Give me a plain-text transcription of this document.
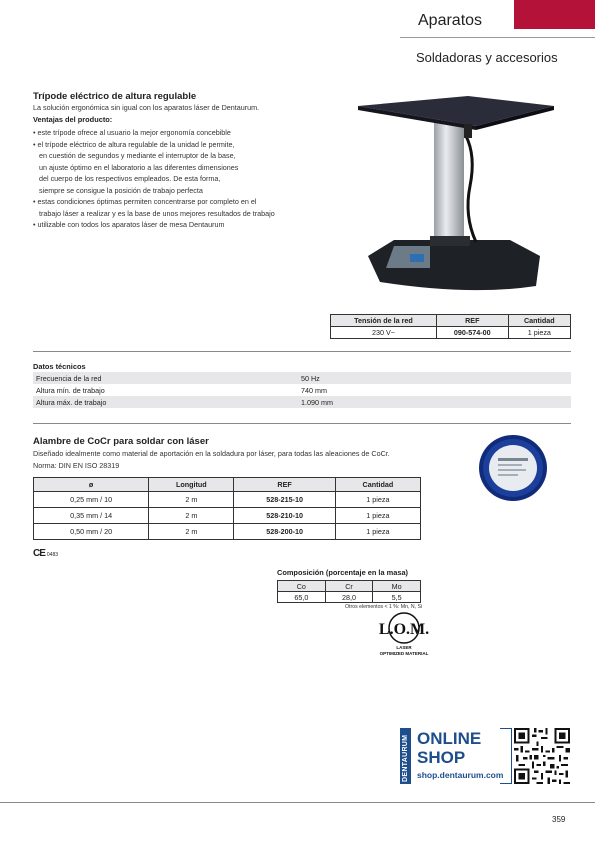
Aparatos
Soldadoras y accesorios
Trípode eléctrico de altura regulable
La solución ergonómica sin igual con los aparatos láser de Dentaurum.
Ventajas del producto:
• este trípode ofrece al usuario la mejor ergonomía concebible
• el trípode eléctrico de altura regulable de la unidad le permite,
en cuestión de segundos y mediante el interruptor de la base,
un ajuste óptimo en el laboratorio a las diferentes dimensiones
del cuerpo de los respectivos empleados. De esta forma,
siempre se consigue la posición de trabajo perfecta
• estas condiciones óptimas permiten concentrarse por completo en el
trabajo láser a realizar y es la base de unos mejores resultados de trabajo
• utilizable con todos los aparatos láser de mesa Dentaurum
Tensión de la red	REF	Cantidad
230 V~	090-574-00	1 pieza
Datos técnicos
Frecuencia de la red	50 Hz
Altura mín. de trabajo	740 mm
Altura máx. de trabajo	1.090 mm
Alambre de CoCr para soldar con láser
Diseñado idealmente como material de aportación en la soldadura por láser, para todas las aleaciones de CoCr.
Norma: DIN EN ISO 28319
ø	Longitud	REF	Cantidad
0,25 mm / 10	2 m	528-215-10	1 pieza
0,35 mm / 14	2 m	528-210-10	1 pieza
0,50 mm / 20	2 m	528-200-10	1 pieza
CE 0483
Composición (porcentaje en la masa)
Co	Cr	Mo
65,0	28,0	5,5
Otros elementos < 1 %: Mn, N, Si
L.O.M.
LASER
OPTIMIZED MATERIAL
DENTAURUM ONLINE
SHOP
shop.dentaurum.com
359
